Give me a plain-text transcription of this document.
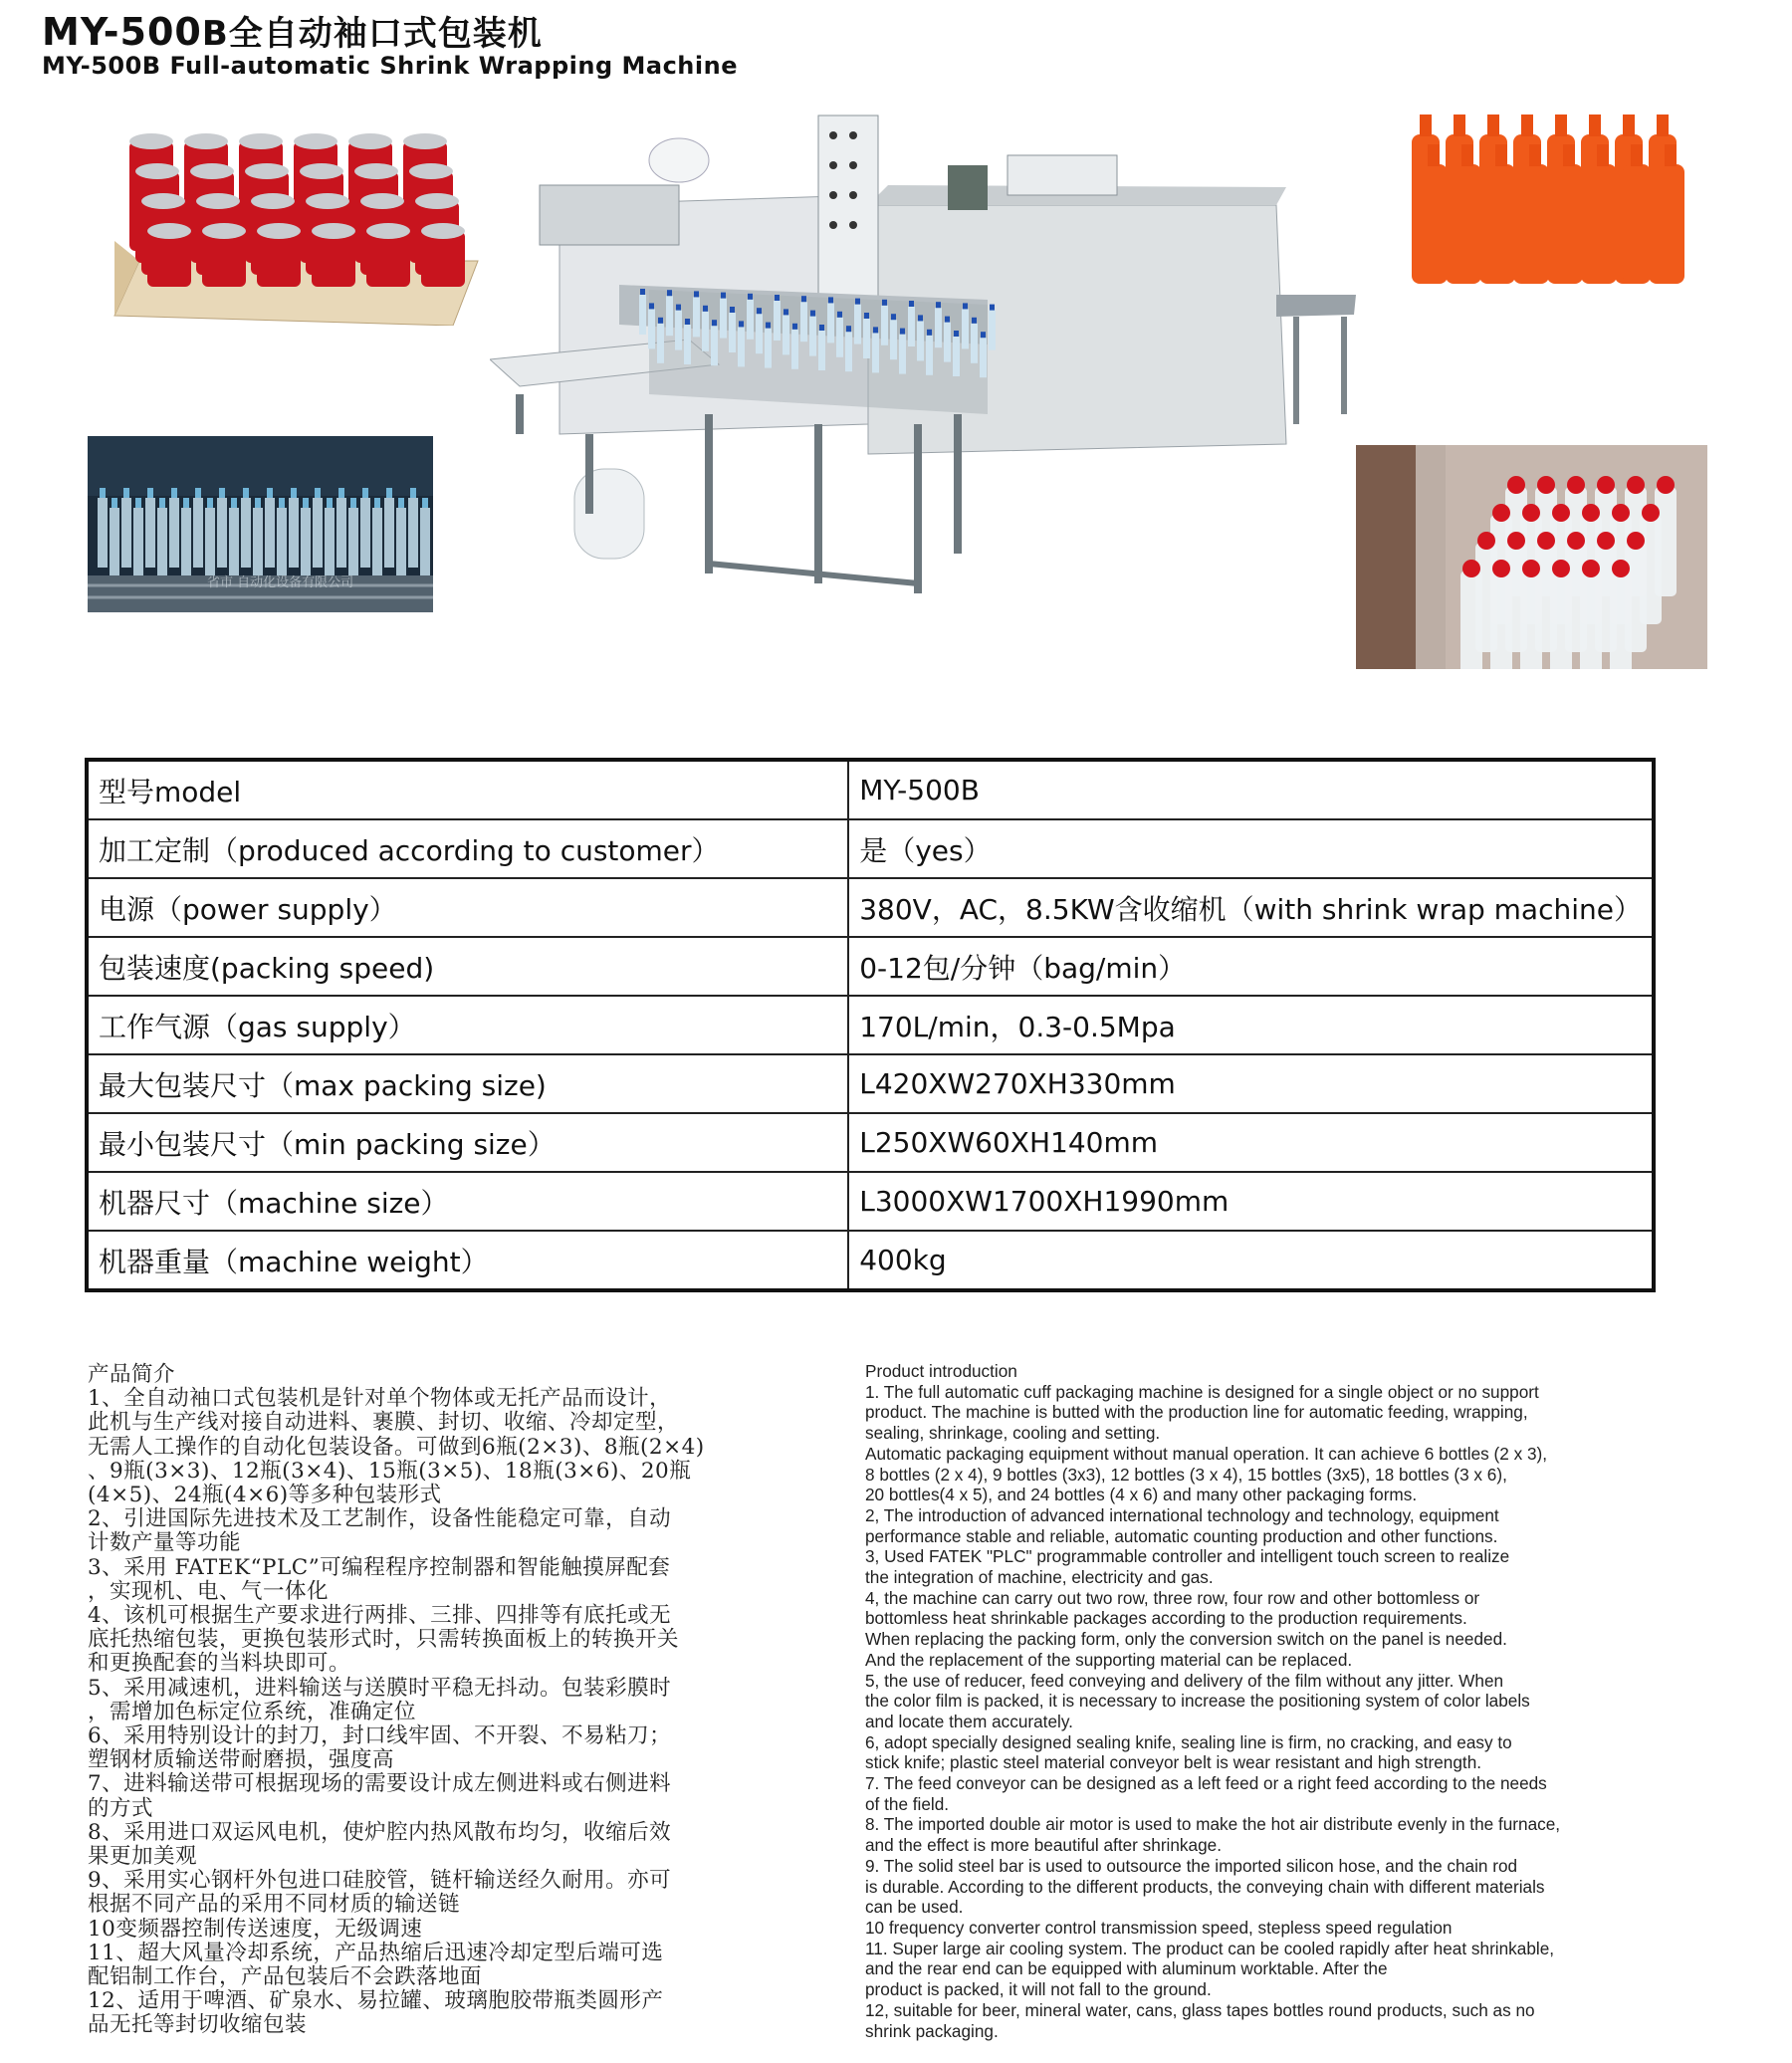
MY-500B全自动袖口式包装机
MY-500B Full-automatic Shrink Wrapping Machine
省市 自动化设备有限公司
型号model	MY-500B
加工定制（produced according to customer）	是（yes）
电源（power supply）	380V，AC，8.5KW含收缩机（with shrink wrap machine）
包装速度(packing speed)	0-12包/分钟（bag/min）
工作气源（gas supply）	170L/min，0.3-0.5Mpa
最大包装尺寸（max packing size)	L420XW270XH330mm
最小包装尺寸（min packing size）	L250XW60XH140mm
机器尺寸（machine size）	L3000XW1700XH1990mm
机器重量（machine weight）	400kg
产品简介
1、全自动袖口式包装机是针对单个物体或无托产品而设计，
此机与生产线对接自动进料、裹膜、封切、收缩、冷却定型，
无需人工操作的自动化包装设备。可做到6瓶(2×3)、8瓶(2×4)
、9瓶(3×3)、12瓶(3×4)、15瓶(3×5)、18瓶(3×6)、20瓶
(4×5)、24瓶(4×6)等多种包装形式
2、引进国际先进技术及工艺制作，设备性能稳定可靠，自动
计数产量等功能
3、采用 FATEK“PLC”可编程程序控制器和智能触摸屏配套
，实现机、电、气一体化
4、该机可根据生产要求进行两排、三排、四排等有底托或无
底托热缩包装，更换包装形式时，只需转换面板上的转换开关
和更换配套的当料块即可。
5、采用减速机，进料输送与送膜时平稳无抖动。包装彩膜时
，需增加色标定位系统，准确定位
6、采用特别设计的封刀，封口线牢固、不开裂、不易粘刀；
塑钢材质输送带耐磨损，强度高
7、进料输送带可根据现场的需要设计成左侧进料或右侧进料
的方式
8、采用进口双运风电机，使炉腔内热风散布均匀，收缩后效
果更加美观
9、采用实心钢杆外包进口硅胶管，链杆输送经久耐用。亦可
根据不同产品的采用不同材质的输送链
10变频器控制传送速度，无级调速
11、超大风量冷却系统，产品热缩后迅速冷却定型后端可选
配铝制工作台，产品包装后不会跌落地面
12、适用于啤酒、矿泉水、易拉罐、玻璃胞胶带瓶类圆形产
品无托等封切收缩包装
Product introduction
1. The full automatic cuff packaging machine is designed for a single object or no support
product. The machine is butted with the production line for automatic feeding, wrapping,
sealing, shrinkage, cooling and setting.
Automatic packaging equipment without manual operation. It can achieve 6 bottles (2 x 3),
8 bottles (2 x 4), 9 bottles (3x3), 12 bottles (3 x 4), 15 bottles (3x5), 18 bottles (3 x 6),
20 bottles(4 x 5), and 24 bottles (4 x 6) and many other packaging forms.
2, The introduction of advanced international technology and technology, equipment
performance stable and reliable, automatic counting production and other functions.
3, Used FATEK "PLC" programmable controller and intelligent touch screen to realize
the integration of machine, electricity and gas.
4, the machine can carry out two row, three row, four row and other bottomless or
bottomless heat shrinkable packages according to the production requirements.
When replacing the packing form, only the conversion switch on the panel is needed.
And the replacement of the supporting material can be replaced.
5, the use of reducer, feed conveying and delivery of the film without any jitter. When
the color film is packed, it is necessary to increase the positioning system of color labels
and locate them accurately.
6, adopt specially designed sealing knife, sealing line is firm, no cracking, and easy to
stick knife; plastic steel material conveyor belt is wear resistant and high strength.
7. The feed conveyor can be designed as a left feed or a right feed according to the needs
of the field.
8. The imported double air motor is used to make the hot air distribute evenly in the furnace,
and the effect is more beautiful after shrinkage.
9. The solid steel bar is used to outsource the imported silicon hose, and the chain rod
is durable. According to the different products, the conveying chain with different materials
can be used.
10 frequency converter control transmission speed, stepless speed regulation
11. Super large air cooling system. The product can be cooled rapidly after heat shrinkable,
and the rear end can be equipped with aluminum worktable. After the
product is packed, it will not fall to the ground.
12, suitable for beer, mineral water, cans, glass tapes bottles round products, such as no
shrink packaging.
